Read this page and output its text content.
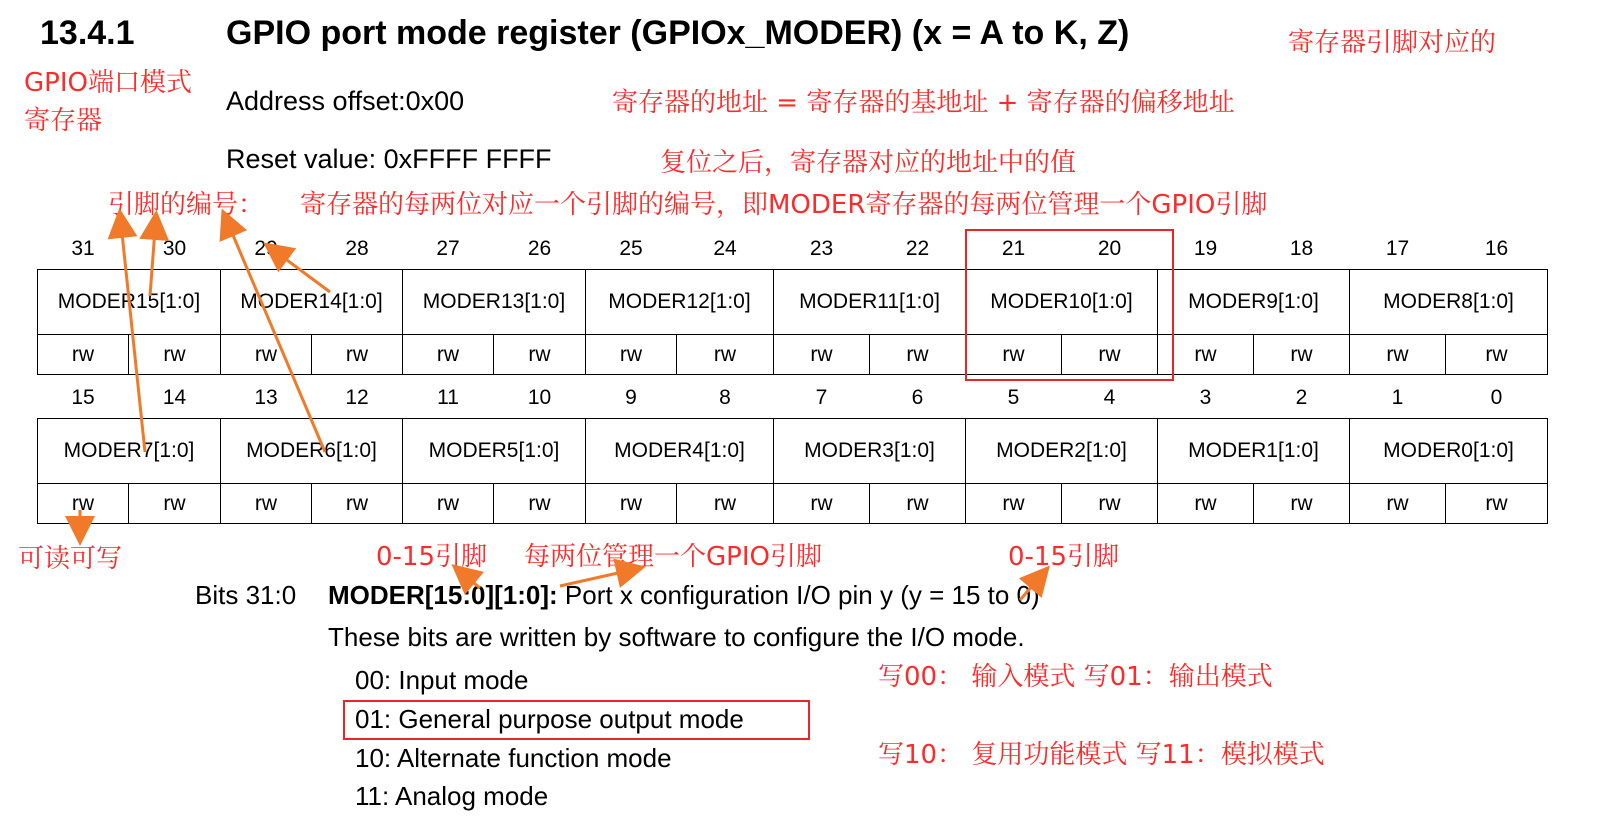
13.4.1	GPIO port mode register (GPIOx_MODER) (x = A to K, Z)
Address offset:0x00
Reset value: 0xFFFF FFFF
寄存器引脚对应的
GPIO端口模式
寄存器
寄存器的地址 = 寄存器的基地址 + 寄存器的偏移地址
复位之后，寄存器对应的地址中的值
引脚的编号： 寄存器的每两位对应一个引脚的编号，即MODER寄存器的每两位管理一个GPIO引脚
31	30	29	28	27	26	25	24	23	22	21	20	19	18	17	16
MODER15[1:0]		MODER14[1:0]		MODER13[1:0]		MODER12[1:0]		MODER11[1:0]		MODER10[1:0]		MODER9[1:0]		MODER8[1:0]	
rw	rw	rw	rw	rw	rw	rw	rw	rw	rw	rw	rw	rw	rw	rw	rw
15	14	13	12	11	10	9	8	7	6	5	4	3	2	1	0
MODER7[1:0]		MODER6[1:0]		MODER5[1:0]		MODER4[1:0]		MODER3[1:0]		MODER2[1:0]		MODER1[1:0]		MODER0[1:0]	
rw	rw	rw	rw	rw	rw	rw	rw	rw	rw	rw	rw	rw	rw	rw	rw
可读可写	0-15引脚 每两位管理一个GPIO引脚	0-15引脚
Bits 31:0 MODER[15:0][1:0]: Port x configuration I/O pin y (y = 15 to 0)
These bits are written by software to configure the I/O mode.
00: Input mode
01: General purpose output mode
10: Alternate function mode
11: Analog mode
写00： 输入模式 写01：输出模式
写10： 复用功能模式 写11：模拟模式
